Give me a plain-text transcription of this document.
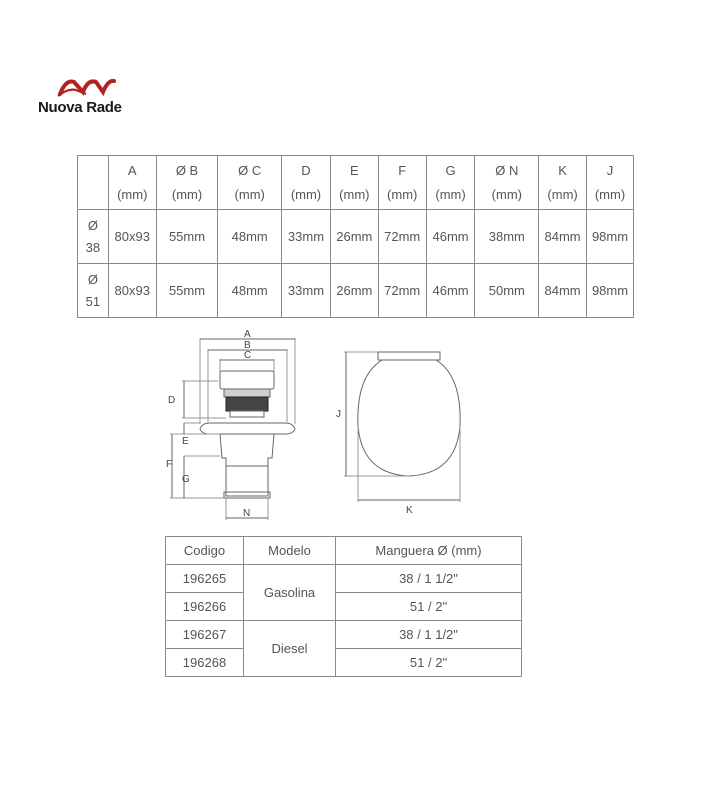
Nuova Rade
	A
(mm)	Ø B
(mm)	Ø C
(mm)	D
(mm)	E
(mm)	F
(mm)	G
(mm)	Ø N
(mm)	K
(mm)	J
(mm)
Ø
38	80x93	55mm	48mm	33mm	26mm	72mm	46mm	38mm	84mm	98mm
Ø
51	80x93	55mm	48mm	33mm	26mm	72mm	46mm	50mm	84mm	98mm
A
B
C
D
E
F
G
N
J
K
Codigo	Modelo	Manguera Ø (mm)
196265	Gasolina	38 / 1 1/2"
196266		51 / 2"
196267	Diesel	38 / 1 1/2"
196268		51 / 2"
